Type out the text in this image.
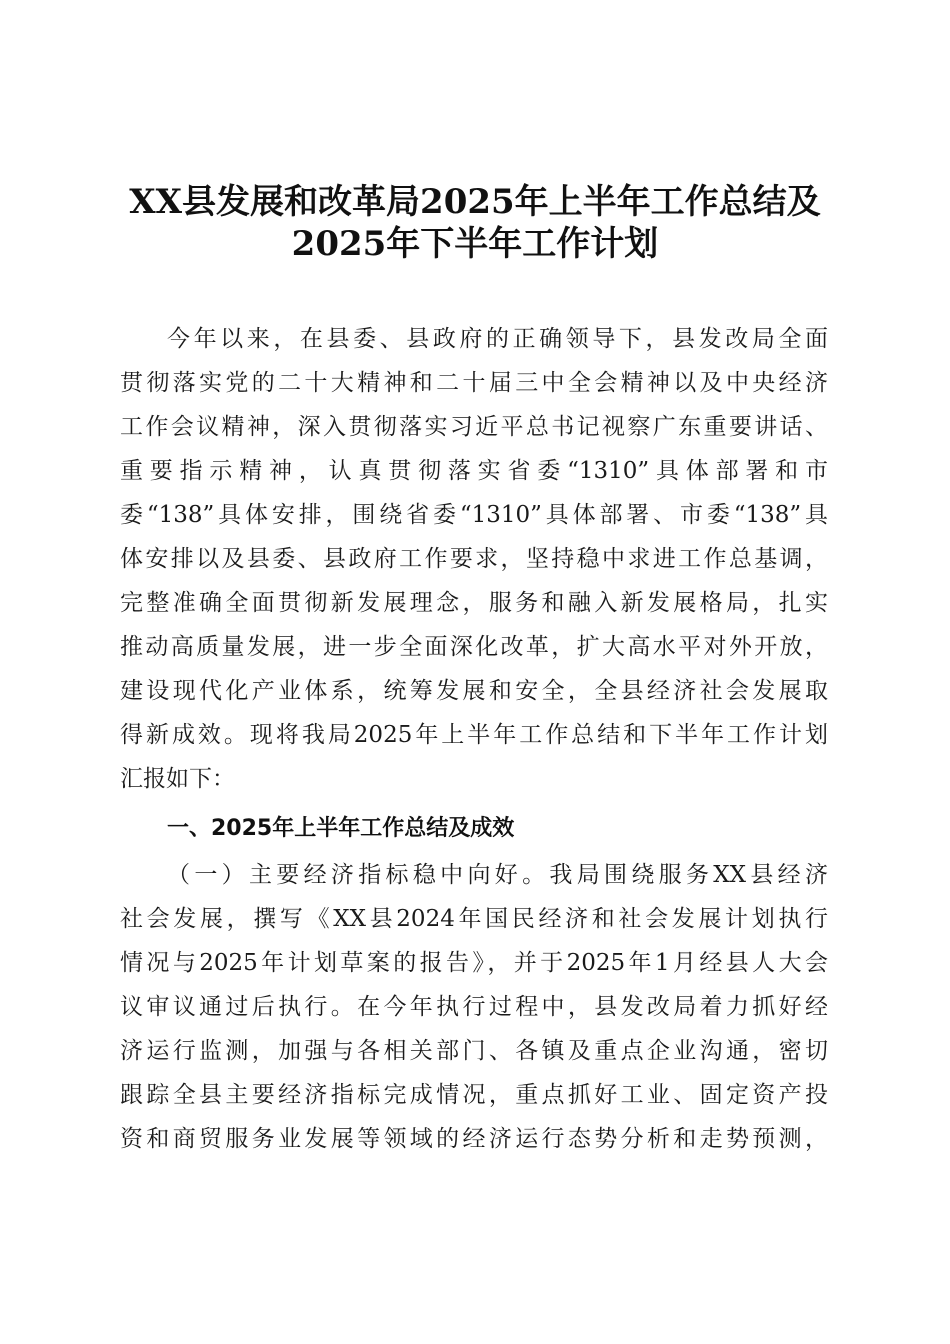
XX县发展和改革局2025年上半年工作总结及
2025年下半年工作计划
今年以来，在县委、县政府的正确领导下，县发改局全面
贯彻落实党的二十大精神和二十届三中全会精神以及中央经济
工作会议精神，深入贯彻落实习近平总书记视察广东重要讲话、
重要指示精神，认真贯彻落实省委“1310”具体部署和市
委“138”具体安排，围绕省委“1310”具体部署、市委“138”具
体安排以及县委、县政府工作要求，坚持稳中求进工作总基调，
完整准确全面贯彻新发展理念，服务和融入新发展格局，扎实
推动高质量发展，进一步全面深化改革，扩大高水平对外开放，
建设现代化产业体系，统筹发展和安全，全县经济社会发展取
得新成效。现将我局2025年上半年工作总结和下半年工作计划
汇报如下：
一、2025年上半年工作总结及成效
（一）主要经济指标稳中向好。我局围绕服务XX县经济
社会发展，撰写《XX县2024年国民经济和社会发展计划执行
情况与2025年计划草案的报告》，并于2025年1月经县人大会
议审议通过后执行。在今年执行过程中，县发改局着力抓好经
济运行监测，加强与各相关部门、各镇及重点企业沟通，密切
跟踪全县主要经济指标完成情况，重点抓好工业、固定资产投
资和商贸服务业发展等领域的经济运行态势分析和走势预测，
